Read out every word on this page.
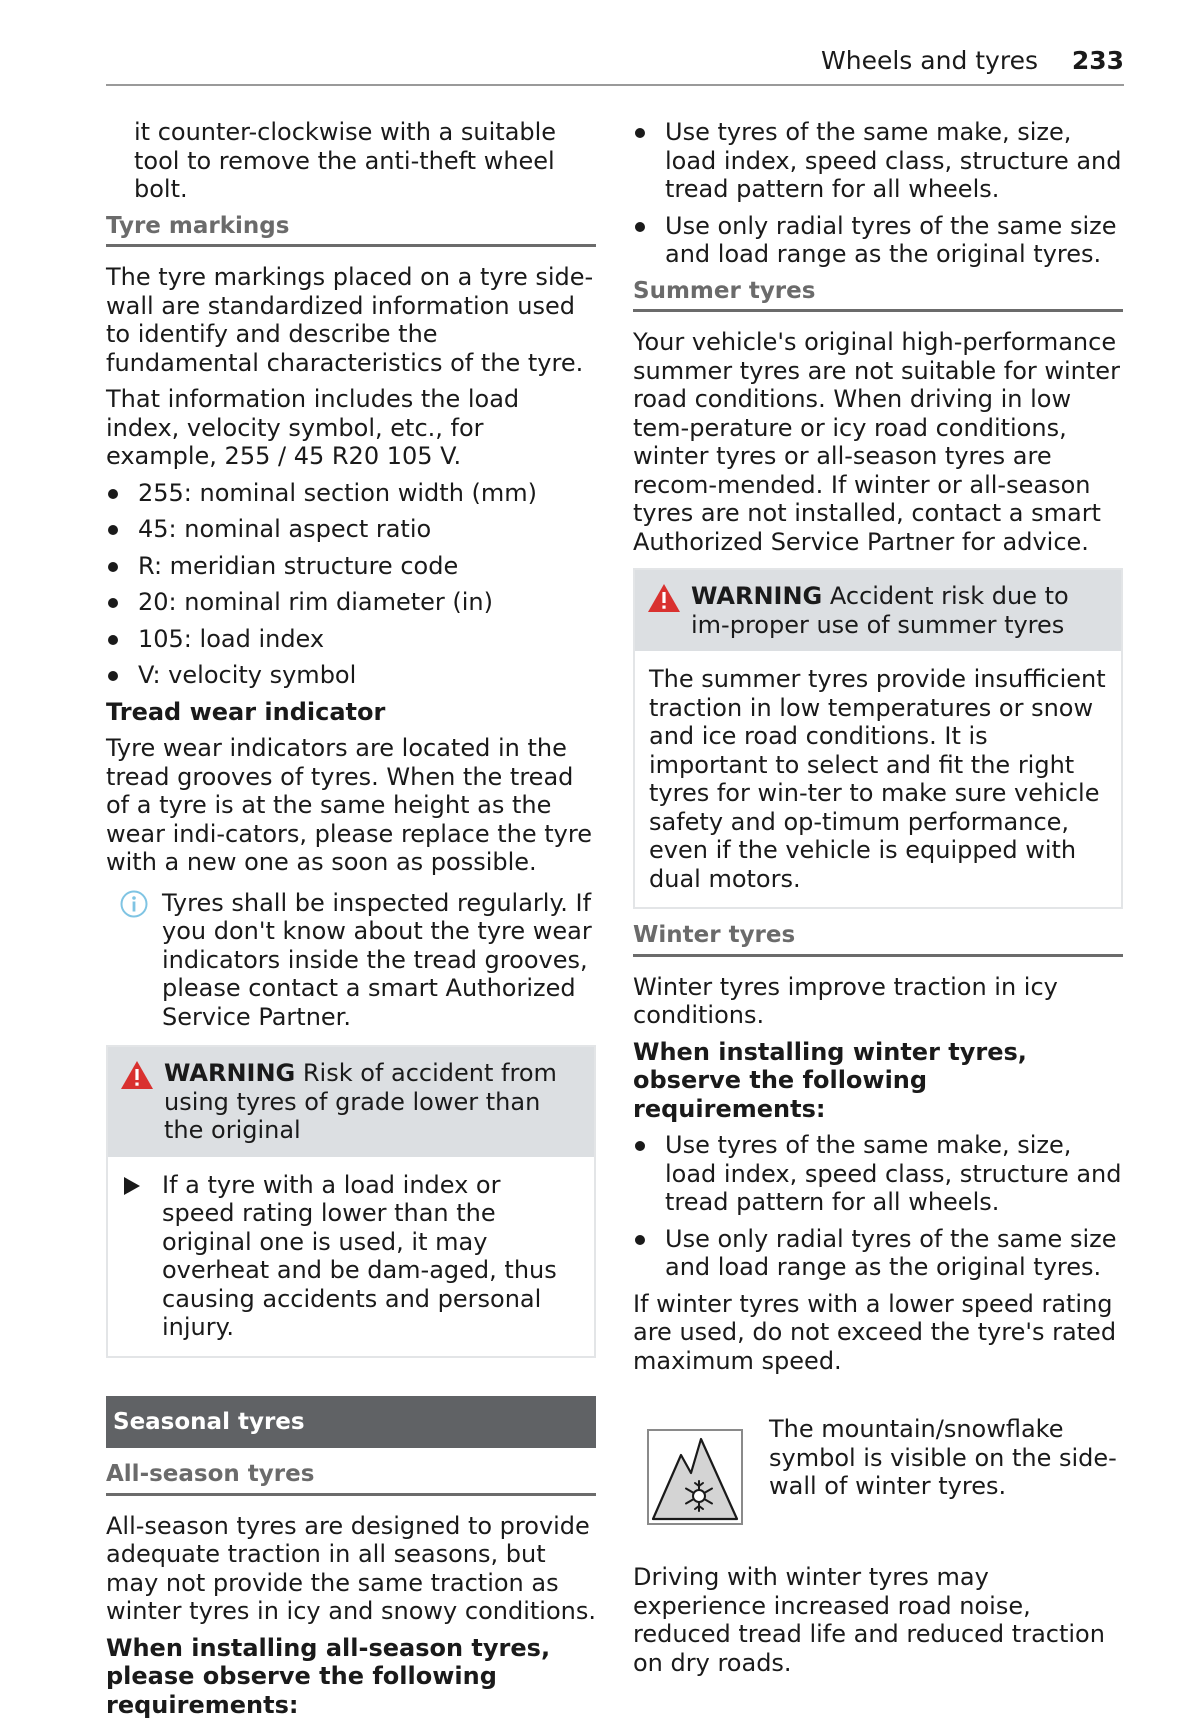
Wheels and tyres 233

it counter-clockwise with a suitable tool to remove the anti-theft wheel bolt.

Tyre markings

The tyre markings placed on a tyre side-wall are standardized information used to identify and describe the fundamental characteristics of the tyre.

That information includes the load index, velocity symbol, etc., for example, 255 / 45 R20 105 V.

255: nominal section width (mm)
45: nominal aspect ratio
R: meridian structure code
20: nominal rim diameter (in)
105: load index
V: velocity symbol
Tread wear indicator

Tyre wear indicators are located in the tread grooves of tyres. When the tread of a tyre is at the same height as the wear indi-cators, please replace the tyre with a new one as soon as possible.

Tyres shall be inspected regularly. If you don't know about the tyre wear indicators inside the tread grooves, please contact a smart Authorized Service Partner.
WARNING Risk of accident from using tyres of grade lower than the original
If a tyre with a load index or speed rating lower than the original one is used, it may overheat and be dam-aged, thus causing accidents and personal injury.
Seasonal tyres
All-season tyres

All-season tyres are designed to provide adequate traction in all seasons, but may not provide the same traction as winter tyres in icy and snowy conditions.

When installing all-season tyres, please observe the following requirements:

Use tyres of the same make, size, load index, speed class, structure and tread pattern for all wheels.
Use only radial tyres of the same size and load range as the original tyres.
Summer tyres

Your vehicle's original high-performance summer tyres are not suitable for winter road conditions. When driving in low tem-perature or icy road conditions, winter tyres or all-season tyres are recom-mended. If winter or all-season tyres are not installed, contact a smart Authorized Service Partner for advice.

WARNING Accident risk due to im-proper use of summer tyres
The summer tyres provide insufficient traction in low temperatures or snow and ice road conditions. It is important to select and fit the right tyres for win-ter to make sure vehicle safety and op-timum performance, even if the vehicle is equipped with dual motors.
Winter tyres

Winter tyres improve traction in icy conditions.

When installing winter tyres, observe the following requirements:

Use tyres of the same make, size, load index, speed class, structure and tread pattern for all wheels.
Use only radial tyres of the same size and load range as the original tyres.

If winter tyres with a lower speed rating are used, do not exceed the tyre's rated maximum speed.

The mountain/snowflake symbol is visible on the side-wall of winter tyres.

Driving with winter tyres may experience increased road noise, reduced tread life and reduced traction on dry roads.
